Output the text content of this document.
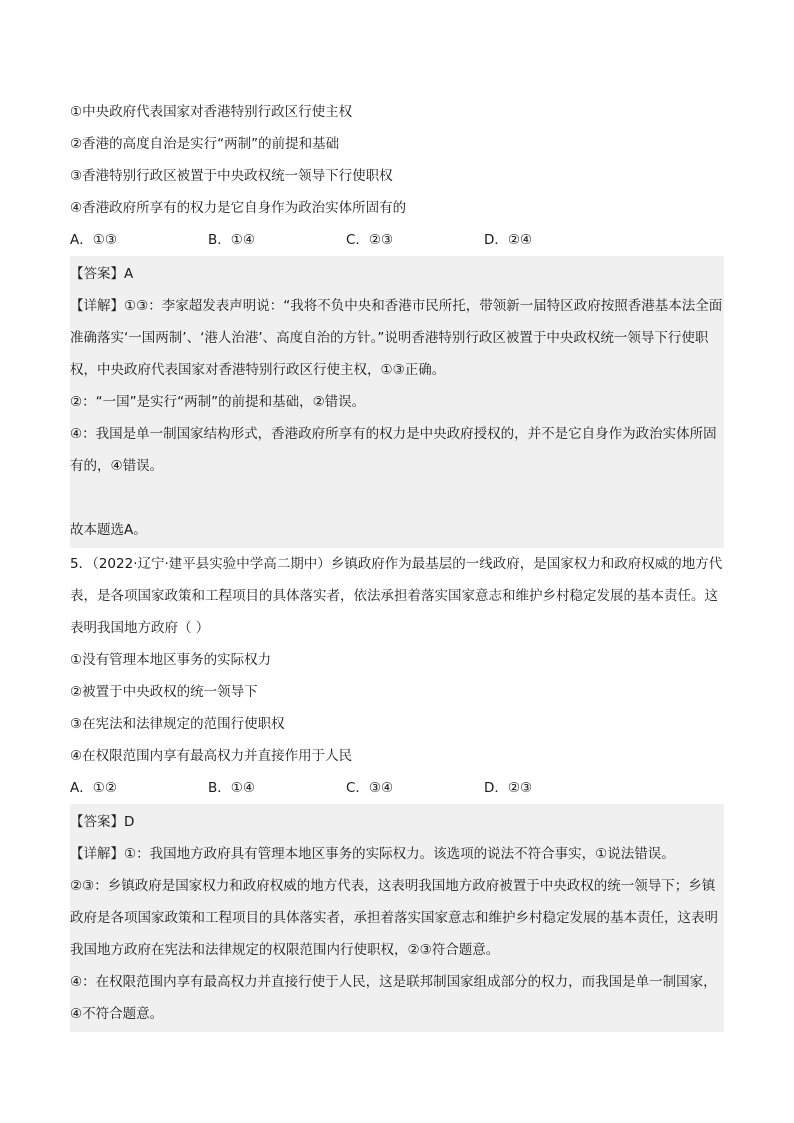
①中央政府代表国家对香港特别行政区行使主权
②香港的高度自治是实行“两制”的前提和基础
③香港特别行政区被置于中央政权统一领导下行使职权
④香港政府所享有的权力是它自身作为政治实体所固有的
A．①③	B．①④	C．②③	D．②④
【答案】A
【详解】①③：李家超发表声明说：“我将不负中央和香港市民所托，带领新一届特区政府按照香港基本法全面准确落实‘一国两制’、‘港人治港’、高度自治的方针。”说明香港特别行政区被置于中央政权统一领导下行使职权，中央政府代表国家对香港特别行政区行使主权，①③正确。
②：“一国”是实行“两制”的前提和基础，②错误。
④：我国是单一制国家结构形式，香港政府所享有的权力是中央政府授权的，并不是它自身作为政治实体所固有的，④错误。
故本题选A。
5．（2022·辽宁·建平县实验中学高二期中）乡镇政府作为最基层的一线政府，是国家权力和政府权威的地方代表，是各项国家政策和工程项目的具体落实者，依法承担着落实国家意志和维护乡村稳定发展的基本责任。这表明我国地方政府（ ）
①没有管理本地区事务的实际权力
②被置于中央政权的统一领导下
③在宪法和法律规定的范围行使职权
④在权限范围内享有最高权力并直接作用于人民
A．①②	B．①④	C．③④	D．②③
【答案】D
【详解】①：我国地方政府具有管理本地区事务的实际权力。该选项的说法不符合事实，①说法错误。
②③：乡镇政府是国家权力和政府权威的地方代表，这表明我国地方政府被置于中央政权的统一领导下；乡镇政府是各项国家政策和工程项目的具体落实者，承担着落实国家意志和维护乡村稳定发展的基本责任，这表明我国地方政府在宪法和法律规定的权限范围内行使职权，②③符合题意。
④：在权限范围内享有最高权力并直接行使于人民，这是联邦制国家组成部分的权力，而我国是单一制国家，④不符合题意。
